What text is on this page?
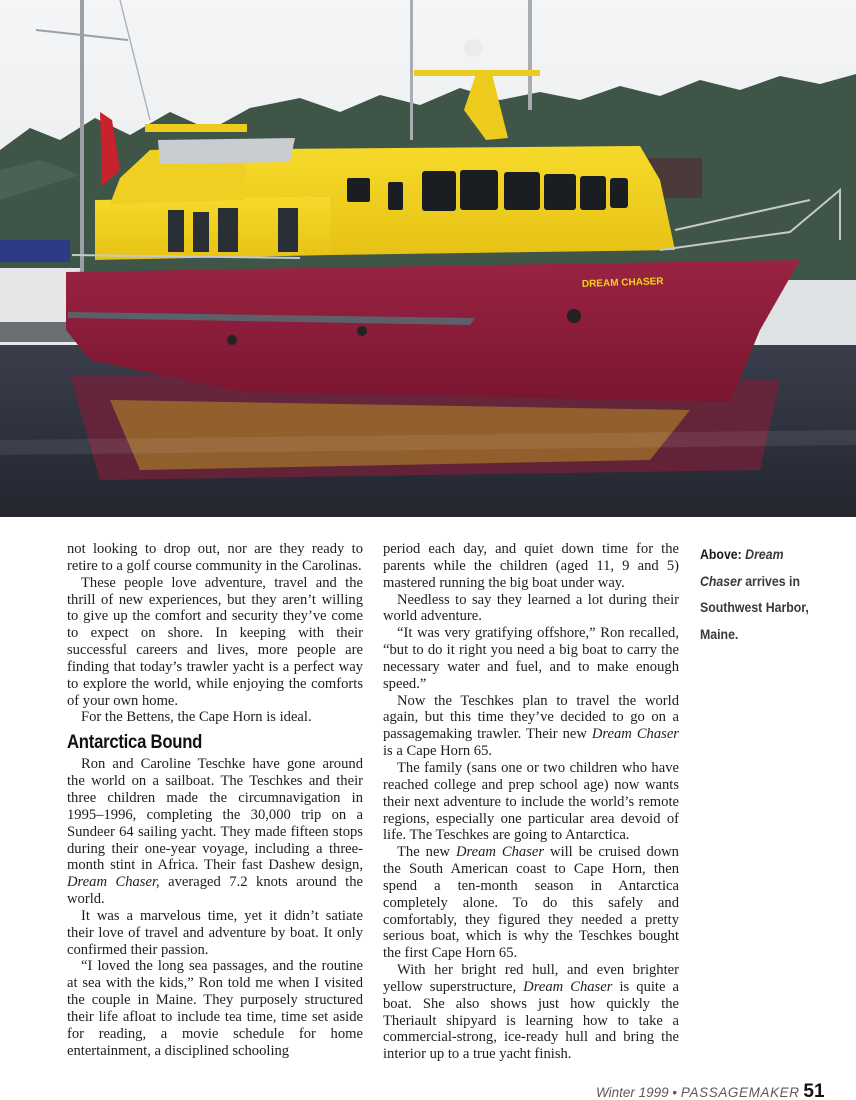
DREAM CHASER

not looking to drop out, nor are they ready to retire to a golf course community in the Carolinas.

These people love adventure, travel and the thrill of new experiences, but they aren’t willing to give up the comfort and security they’ve come to expect on shore. In keeping with their successful careers and lives, more people are finding that today’s trawler yacht is a perfect way to explore the world, while enjoying the comforts of your own home.

For the Bettens, the Cape Horn is ideal.

Antarctica Bound

Ron and Caroline Teschke have gone around the world on a sailboat. The Teschkes and their three children made the circumnavigation in 1995–1996, completing the 30,000 trip on a Sundeer 64 sailing yacht. They made fifteen stops during their one-year voyage, including a three-month stint in Africa. Their fast Dashew design, Dream Chaser, averaged 7.2 knots around the world.

It was a marvelous time, yet it didn’t satiate their love of travel and adventure by boat. It only confirmed their passion.

“I loved the long sea passages, and the routine at sea with the kids,” Ron told me when I visited the couple in Maine. They purposely structured their life afloat to include tea time, time set aside for reading, a movie schedule for home entertainment, a disciplined schooling

period each day, and quiet down time for the parents while the children (aged 11, 9 and 5) mastered running the big boat under way.

Needless to say they learned a lot during their world adventure.

“It was very gratifying offshore,” Ron recalled, “but to do it right you need a big boat to carry the necessary water and fuel, and to make enough speed.”

Now the Teschkes plan to travel the world again, but this time they’ve decided to go on a passagemaking trawler. Their new Dream Chaser is a Cape Horn 65.

The family (sans one or two children who have reached college and prep school age) now wants their next adventure to include the world’s remote regions, especially one particular area devoid of life. The Teschkes are going to Antarctica.

The new Dream Chaser will be cruised down the South American coast to Cape Horn, then spend a ten-month season in Antarctica completely alone. To do this safely and comfortably, they figured they needed a pretty serious boat, which is why the Teschkes bought the first Cape Horn 65.

With her bright red hull, and even brighter yellow superstructure, Dream Chaser is quite a boat. She also shows just how quickly the Theriault shipyard is learning how to take a commercial-strong, ice-ready hull and bring the interior up to a true yacht finish.

Above: Dream Chaser arrives in Southwest Harbor, Maine.
Winter 1999 • PASSAGEMAKER 51
